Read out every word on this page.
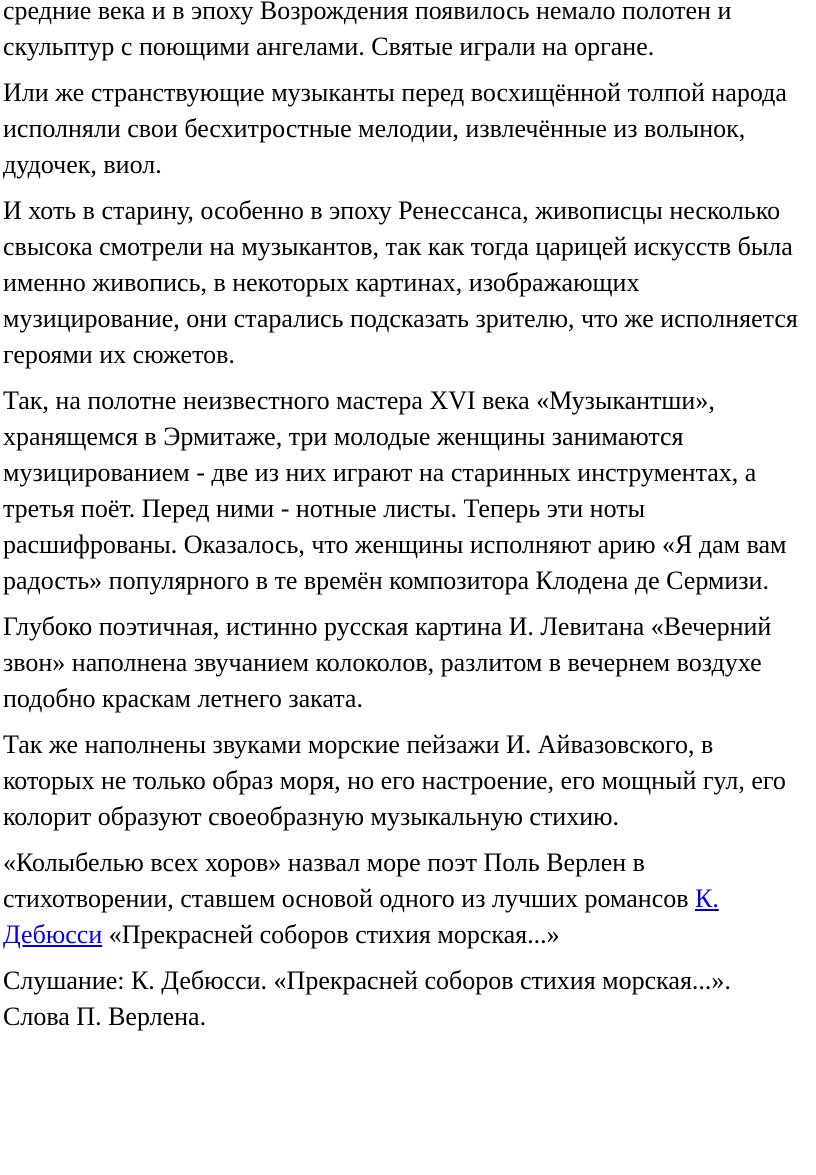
средние века и в эпоху Возрождения появилось немало полотен и скульптур с поющими ангелами. Святые играли на органе.

Или же странствующие музыканты перед восхищённой толпой народа исполняли свои бесхитростные мелодии, извлечённые из волынок, дудочек, виол.

И хоть в старину, особенно в эпоху Ренессанса, живописцы несколько свысока смотрели на музыкантов, так как тогда царицей искусств была именно живопись, в некоторых картинах, изображающих музицирование, они старались подсказать зрителю, что же исполняется героями их сюжетов.

Так, на полотне неизвестного мастера XVI века «Музыкантши», хранящемся в Эрмитаже, три молодые женщины занимаются музицированием - две из них играют на старинных инструментах, а третья поёт. Перед ними - нотные листы. Теперь эти ноты расшифрованы. Оказалось, что женщины исполняют арию «Я дам вам радость» популярного в те времён композитора Клодена де Сермизи.

Глубоко поэтичная, истинно русская картина И. Левитана «Вечерний звон» наполнена звучанием колоколов, разлитом в вечернем воздухе подобно краскам летнего заката.

Так же наполнены звуками морские пейзажи И. Айвазовского, в которых не только образ моря, но его настроение, его мощный гул, его колорит образуют своеобразную музыкальную стихию.

«Колыбелью всех хоров» назвал море поэт Поль Верлен в стихотворении, ставшем основой одного из лучших романсов К. Дебюсси «Прекрасней соборов стихия морская...»

Слушание: К. Дебюсси. «Прекрасней соборов стихия морская...». Слова П. Верлена.
